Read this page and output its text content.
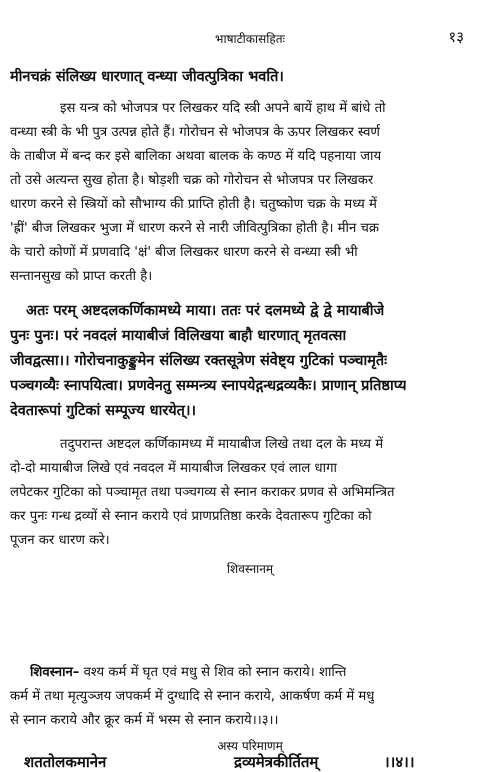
भाषाटीकासहितः	१३
मीनचक्रं संलिख्य धारणात् वन्ध्या जीवत्पुत्रिका भवति।
इस यन्त्र को भोजपत्र पर लिखकर यदि स्त्री अपने बायें हाथ में बांधे तो
वन्ध्या स्त्री के भी पुत्र उत्पन्न होते हैं। गोरोचन से भोजपत्र के ऊपर लिखकर स्वर्ण
के ताबीज में बन्द कर इसे बालिका अथवा बालक के कण्ठ में यदि पहनाया जाय
तो उसे अत्यन्त सुख होता है। षोड़शी चक्र को गोरोचन से भोजपत्र पर लिखकर
धारण करने से स्त्रियों को सौभाग्य की प्राप्ति होती है। चतुष्कोण चक्र के मध्य में
'ह्रीं' बीज लिखकर भुजा में धारण करने से नारी जीवित्पुत्रिका होती है। मीन चक्र
के चारो कोणों में प्रणवादि 'क्षं' बीज लिखकर धारण करने से वन्ध्या स्त्री भी
सन्तानसुख को प्राप्त करती है।
अतः परम् अष्टदलकर्णिकामध्ये माया। ततः परं दलमध्ये द्वे द्वे मायाबीजे
पुनः पुनः। परं नवदलं मायाबीजं विलिखया बाहौ धारणात् मृतवत्सा
जीवद्वत्सा।। गोरोचनाकुङ्कुमेन संलिख्य रक्तसूत्रेण संवेष्ट्य गुटिकां पञ्चामृतैः
पञ्चगव्यैः स्नापयित्वा। प्रणवेनतु सम्मन्त्र्य स्नापयेद्गन्धद्रव्यकैः। प्राणान् प्रतिष्ठाप्य
देवतारूपां गुटिकां सम्पूज्य धारयेत्।।
तदुपरान्त अष्टदल कर्णिकामध्य में मायाबीज लिखे तथा दल के मध्य में
दो-दो मायाबीज लिखे एवं नवदल में मायाबीज लिखकर एवं लाल धागा
लपेटकर गुटिका को पञ्चामृत तथा पञ्चगव्य से स्नान कराकर प्रणव से अभिमन्त्रित
कर पुनः गन्ध द्रव्यों से स्नान कराये एवं प्राणप्रतिष्ठा करके देवतारूप गुटिका को
पूजन कर धारण करे।
शिवस्नानम्
शिवस्नान– वश्य कर्म में घृत एवं मधु से शिव को स्नान कराये। शान्ति
कर्म में तथा मृत्युञ्जय जपकर्म में दुग्धादि से स्नान कराये, आकर्षण कर्म में मधु
से स्नान कराये और क्रूर कर्म में भस्म से स्नान कराये।।३।।
अस्य परिमाणम्
शततोलकमानेन	द्रव्यमेत्रकीर्तितम्	।।४।।
